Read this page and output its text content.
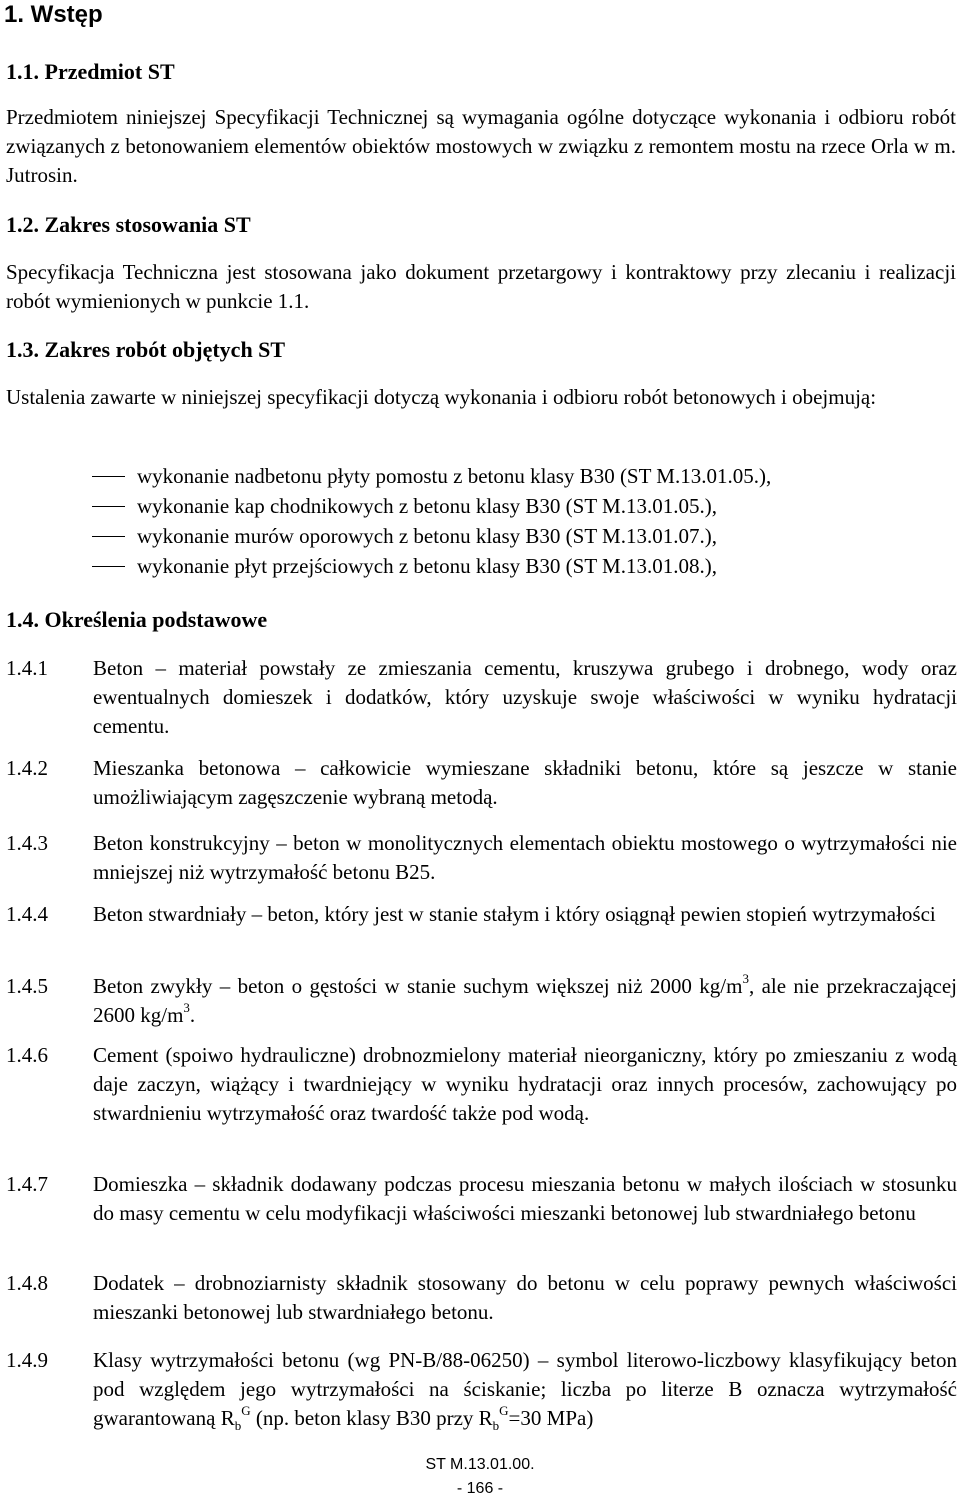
1. Wstęp
1.1. Przedmiot ST
Przedmiotem niniejszej Specyfikacji Technicznej są wymagania ogólne dotyczące wykonania i odbioru robót związanych z betonowaniem elementów obiektów mostowych w związku z remontem mostu na rzece Orla w m. Jutrosin.
1.2. Zakres stosowania ST
Specyfikacja Techniczna jest stosowana jako dokument przetargowy i kontraktowy przy zlecaniu i realizacji robót wymienionych w punkcie 1.1.
1.3. Zakres robót objętych ST
Ustalenia zawarte w niniejszej specyfikacji dotyczą wykonania i odbioru robót betonowych i obejmują:
wykonanie nadbetonu płyty pomostu z betonu klasy B30 (ST M.13.01.05.),
wykonanie kap chodnikowych z betonu klasy B30 (ST M.13.01.05.),
wykonanie murów oporowych z betonu klasy B30 (ST M.13.01.07.),
wykonanie płyt przejściowych z betonu klasy B30 (ST M.13.01.08.),
1.4. Określenia podstawowe
1.4.1 Beton – materiał powstały ze zmieszania cementu, kruszywa grubego i drobnego, wody oraz ewentualnych domieszek i dodatków, który uzyskuje swoje właściwości w wyniku hydratacji cementu.
1.4.2 Mieszanka betonowa – całkowicie wymieszane składniki betonu, które są jeszcze w stanie umożliwiającym zagęszczenie wybraną metodą.
1.4.3 Beton konstrukcyjny – beton w monolitycznych elementach obiektu mostowego o wytrzymałości nie mniejszej niż wytrzymałość betonu B25.
1.4.4 Beton stwardniały – beton, który jest w stanie stałym i który osiągnął pewien stopień wytrzymałości
1.4.5 Beton zwykły – beton o gęstości w stanie suchym większej niż 2000 $kg/m^3$, ale nie przekraczającej 2600 $kg/m^3$.
1.4.6 Cement (spoiwo hydrauliczne) drobnozmielony materiał nieorganiczny, który po zmieszaniu z wodą daje zaczyn, wiążący i twardniejący w wyniku hydratacji oraz innych procesów, zachowujący po stwardnieniu wytrzymałość oraz twardość także pod wodą.
1.4.7 Domieszka – składnik dodawany podczas procesu mieszania betonu w małych ilościach w stosunku do masy cementu w celu modyfikacji właściwości mieszanki betonowej lub stwardniałego betonu
1.4.8 Dodatek – drobnoziarnisty składnik stosowany do betonu w celu poprawy pewnych właściwości mieszanki betonowej lub stwardniałego betonu.
1.4.9 Klasy wytrzymałości betonu (wg PN-B/88-06250) – symbol literowo-liczbowy klasyfikujący beton pod względem jego wytrzymałości na ściskanie; liczba po literze B oznacza wytrzymałość gwarantowaną $R_b^G$ (np. beton klasy B30 przy $R_b^G=30$ MPa)
ST M.13.01.00.
- 166 -
